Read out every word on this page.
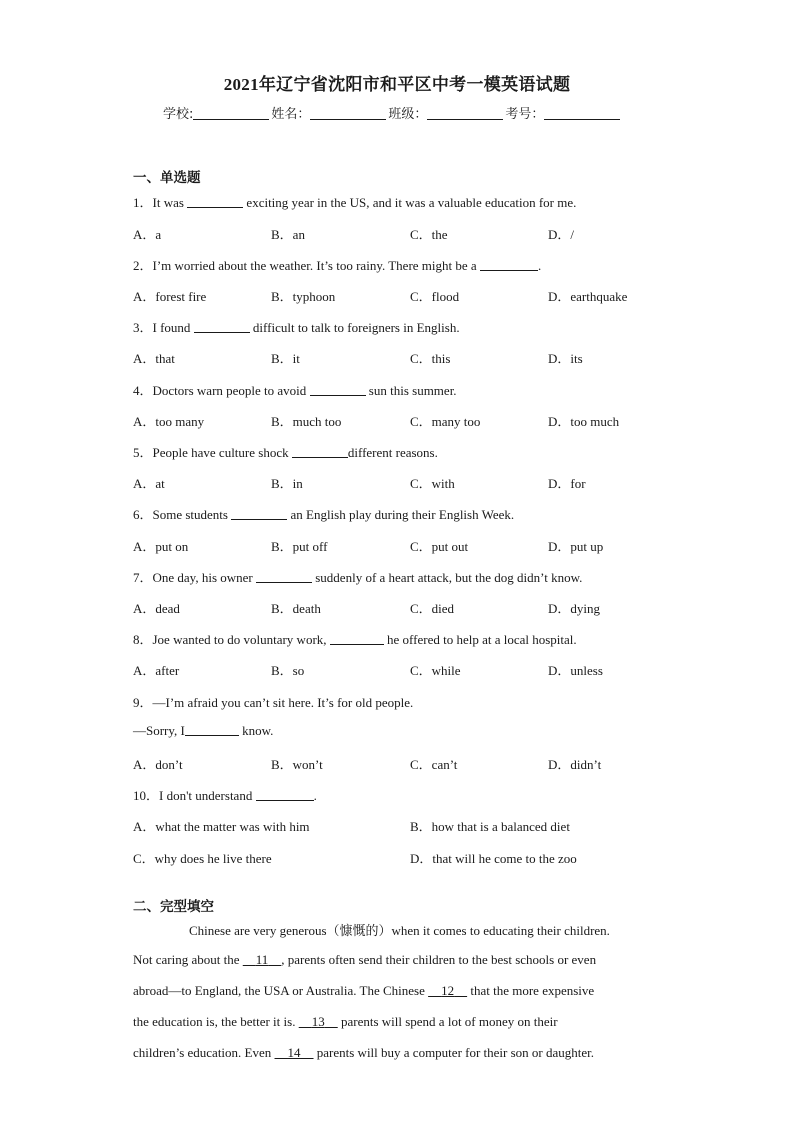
2021年辽宁省沈阳市和平区中考一模英语试题
学校:	姓名：	班级：	考号：
一、单选题
1．It was	exciting year in the US, and it was a valuable education for me.
A．a	B．an	C．the	D．/
2．I’m worried about the weather. It’s too rainy. There might be a	.
A．forest fire	B．typhoon	C．flood	D．earthquake
3．I found	difficult to talk to foreigners in English.
A．that	B．it	C．this	D．its
4．Doctors warn people to avoid	sun this summer.
A．too many	B．much too	C．many too	D．too much
5．People have culture shock	different reasons.
A．at	B．in	C．with	D．for
6．Some students	an English play during their English Week.
A．put on	B．put off	C．put out	D．put up
7．One day, his owner	suddenly of a heart attack, but the dog didn’t know.
A．dead	B．death	C．died	D．dying
8．Joe wanted to do voluntary work,	he offered to help at a local hospital.
A．after	B．so	C．while	D．unless
9．—I’m afraid you can’t sit here. It’s for old people.
—Sorry, I	know.
A．don’t	B．won’t	C．can’t	D．didn’t
10．I don't understand	.
A．what the matter was with him	B．how that is a balanced diet
C．why does he live there	D．that will he come to the zoo
二、完型填空
Chinese are very generous（慷慨的）when it comes to educating their children.
Not caring about the     11 , parents often send their children to the best schools or even
abroad—to England, the USA or Australia. The Chinese     12     that the more expensive
the education is, the better it is.     13     parents will spend a lot of money on their
children’s education. Even     14     parents will buy a computer for their son or daughter.
